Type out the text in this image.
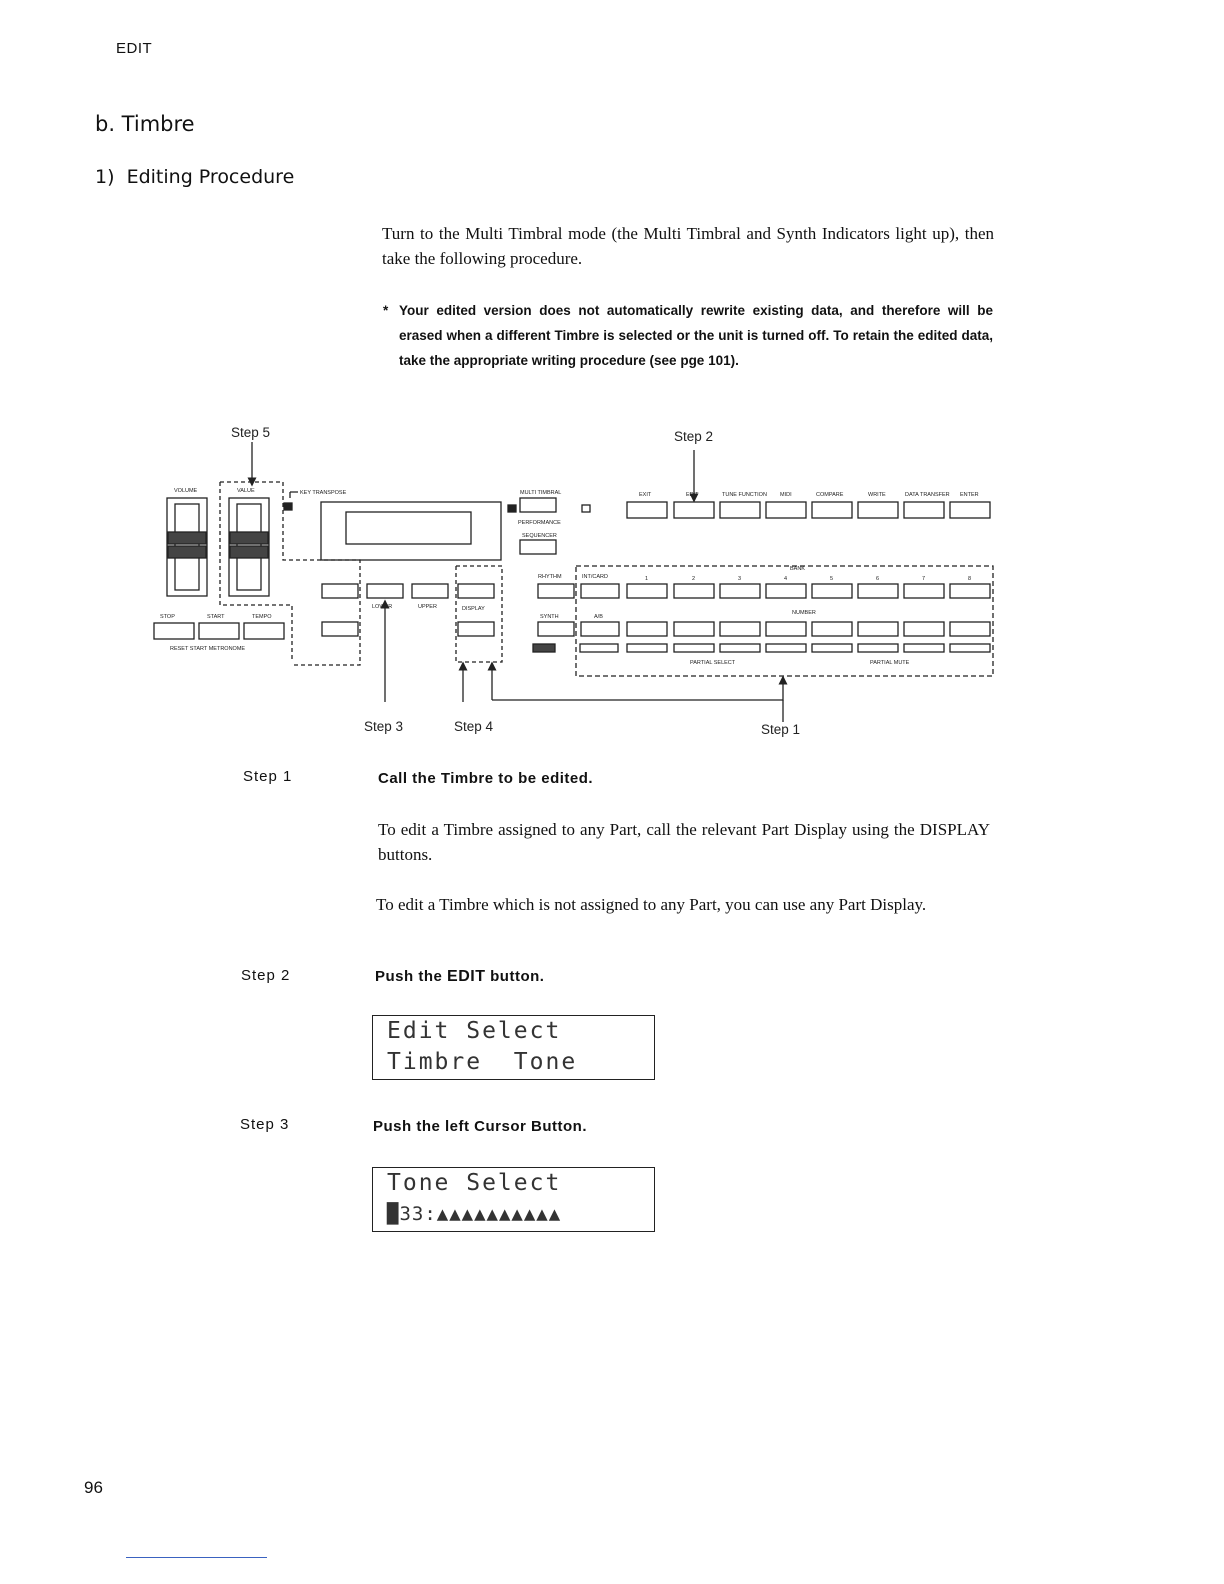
EDIT
b. Timbre
1)  Editing Procedure
Turn to the Multi Timbral mode (the Multi Timbral and Synth Indicators light up), then take the following procedure.
* Your edited version does not automatically rewrite existing data, and therefore will be erased when a different Timbre is selected or the unit is turned off. To retain the edited data, take the appropriate writing procedure (see pge 101).
VOLUME	VALUE	KEY TRANSPOSE
STOP	START	TEMPO
RESET START METRONOME
LOWER	UPPER	DISPLAY
MULTI TIMBRAL
PERFORMANCE
SEQUENCER
RHYTHM
SYNTH
INT/CARD
A/B
BANK
NUMBER
PARTIAL SELECT	PARTIAL MUTE
EXIT	EDIT	TUNE FUNCTION MIDI	COMPARE	WRITE	DATA TRANSFER ENTER
1	2	3	4	5	6	7	8
Step 5	Step 2
Step 3	Step 4	Step 1
Step 1	Call the Timbre to be edited.
To edit a Timbre assigned to any Part, call the relevant Part Display using the DISPLAY buttons.
To edit a Timbre which is not assigned to any Part, you can use any Part Display.
Step 2	Push the EDIT button.
Edit Select
Timbre  Tone
Step 3	Push the left Cursor Button.
Tone Select
█33:▲▲▲▲▲▲▲▲▲▲
96
